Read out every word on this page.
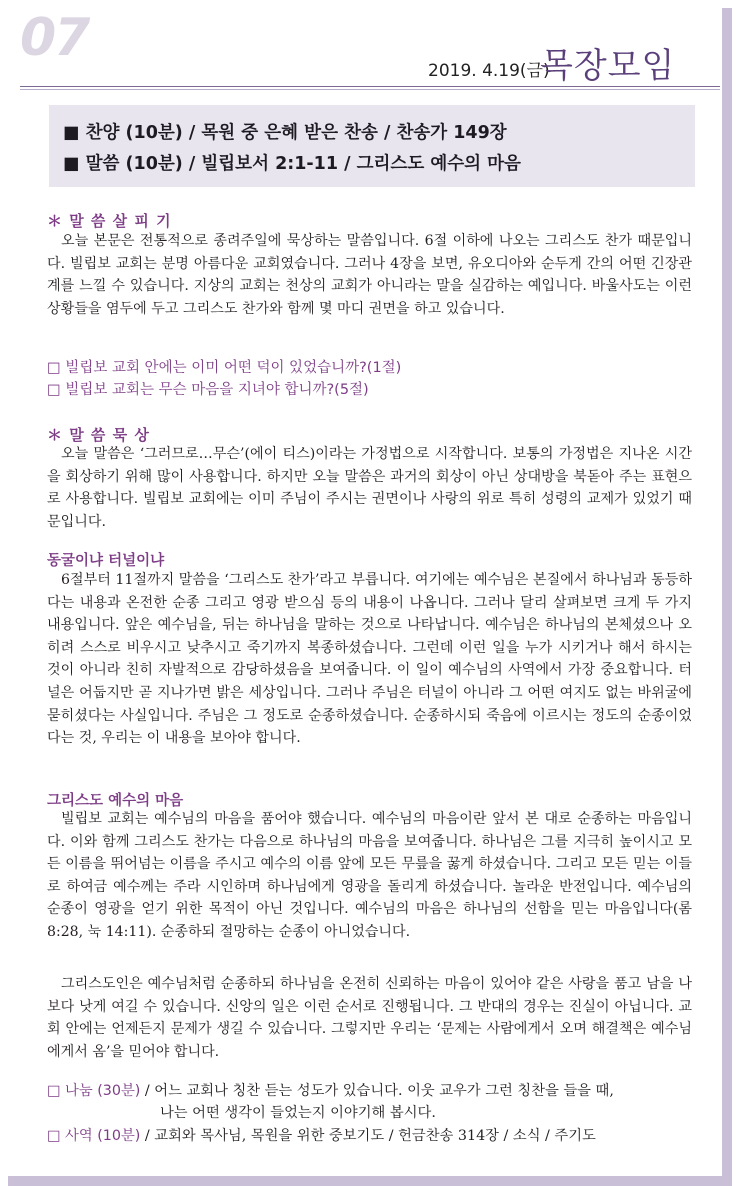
07
2019. 4.19(금)
목장모임
■ 찬양 (10분) / 목원 중 은혜 받은 찬송 / 찬송가 149장
■ 말씀 (10분) / 빌립보서 2:1-11 / 그리스도 예수의 마음
＊ 말 씀 살 피 기

오늘 본문은 전통적으로 종려주일에 묵상하는 말씀입니다. 6절 이하에 나오는 그리스도 찬가 때문입니다. 빌립보 교회는 분명 아름다운 교회였습니다. 그러나 4장을 보면, 유오디아와 순두게 간의 어떤 긴장관계를 느낄 수 있습니다. 지상의 교회는 천상의 교회가 아니라는 말을 실감하는 예입니다. 바울사도는 이런 상황들을 염두에 두고 그리스도 찬가와 함께 몇 마디 권면을 하고 있습니다.

□ 빌립보 교회 안에는 이미 어떤 덕이 있었습니까?(1절)
□ 빌립보 교회는 무슨 마음을 지녀야 합니까?(5절)
＊ 말 씀 묵 상

오늘 말씀은 ‘그러므로…무슨’(에이 티스)이라는 가정법으로 시작합니다. 보통의 가정법은 지나온 시간을 회상하기 위해 많이 사용합니다. 하지만 오늘 말씀은 과거의 회상이 아닌 상대방을 북돋아 주는 표현으로 사용합니다. 빌립보 교회에는 이미 주님이 주시는 권면이나 사랑의 위로 특히 성령의 교제가 있었기 때문입니다.

동굴이냐 터널이냐

6절부터 11절까지 말씀을 ‘그리스도 찬가’라고 부릅니다. 여기에는 예수님은 본질에서 하나님과 동등하다는 내용과 온전한 순종 그리고 영광 받으심 등의 내용이 나옵니다. 그러나 달리 살펴보면 크게 두 가지 내용입니다. 앞은 예수님을, 뒤는 하나님을 말하는 것으로 나타납니다. 예수님은 하나님의 본체셨으나 오히려 스스로 비우시고 낮추시고 죽기까지 복종하셨습니다. 그런데 이런 일을 누가 시키거나 해서 하시는 것이 아니라 친히 자발적으로 감당하셨음을 보여줍니다. 이 일이 예수님의 사역에서 가장 중요합니다. 터널은 어둡지만 곧 지나가면 밝은 세상입니다. 그러나 주님은 터널이 아니라 그 어떤 여지도 없는 바위굴에 묻히셨다는 사실입니다. 주님은 그 정도로 순종하셨습니다. 순종하시되 죽음에 이르시는 정도의 순종이었다는 것, 우리는 이 내용을 보아야 합니다.

그리스도 예수의 마음

빌립보 교회는 예수님의 마음을 품어야 했습니다. 예수님의 마음이란 앞서 본 대로 순종하는 마음입니다. 이와 함께 그리스도 찬가는 다음으로 하나님의 마음을 보여줍니다. 하나님은 그를 지극히 높이시고 모든 이름을 뛰어넘는 이름을 주시고 예수의 이름 앞에 모든 무릎을 꿇게 하셨습니다. 그리고 모든 믿는 이들로 하여금 예수께는 주라 시인하며 하나님에게 영광을 돌리게 하셨습니다. 놀라운 반전입니다. 예수님의 순종이 영광을 얻기 위한 목적이 아닌 것입니다. 예수님의 마음은 하나님의 선함을 믿는 마음입니다(롬 8:28, 눅 14:11). 순종하되 절망하는 순종이 아니었습니다.

그리스도인은 예수님처럼 순종하되 하나님을 온전히 신뢰하는 마음이 있어야 같은 사랑을 품고 남을 나보다 낫게 여길 수 있습니다. 신앙의 일은 이런 순서로 진행됩니다. 그 반대의 경우는 진실이 아닙니다. 교회 안에는 언제든지 문제가 생길 수 있습니다. 그렇지만 우리는 ‘문제는 사람에게서 오며 해결책은 예수님에게서 옴’을 믿어야 합니다.

□ 나눔 (30분) / 어느 교회나 칭찬 듣는 성도가 있습니다. 이웃 교우가 그런 칭찬을 들을 때,
나는 어떤 생각이 들었는지 이야기해 봅시다.
□ 사역 (10분) / 교회와 목사님, 목원을 위한 중보기도 / 헌금찬송 314장 / 소식 / 주기도
